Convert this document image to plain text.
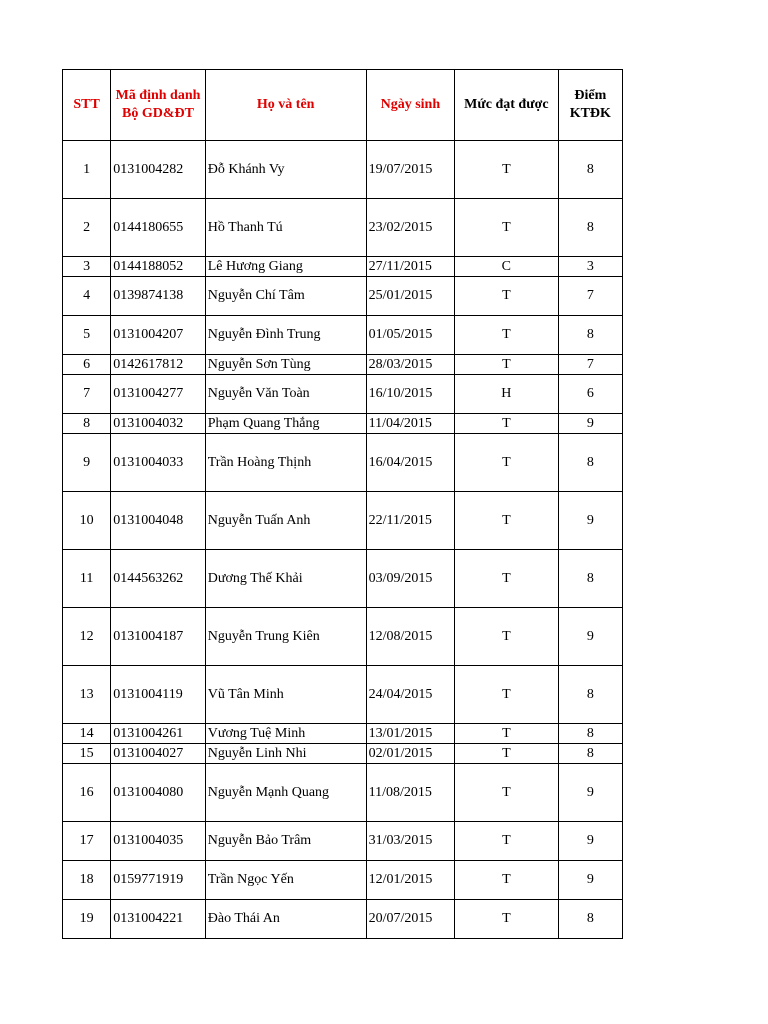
STT	Mã định danh Bộ GD&ĐT	Họ và tên	Ngày sinh	Mức đạt được	Điểm KTĐK
1	0131004282	Đỗ Khánh Vy	19/07/2015	T	8
2	0144180655	Hồ Thanh Tú	23/02/2015	T	8
3	0144188052	Lê Hương Giang	27/11/2015	C	3
4	0139874138	Nguyễn Chí Tâm	25/01/2015	T	7
5	0131004207	Nguyễn Đình Trung	01/05/2015	T	8
6	0142617812	Nguyễn Sơn Tùng	28/03/2015	T	7
7	0131004277	Nguyễn Văn Toàn	16/10/2015	H	6
8	0131004032	Phạm Quang Thắng	11/04/2015	T	9
9	0131004033	Trần Hoàng Thịnh	16/04/2015	T	8
10	0131004048	Nguyễn Tuấn Anh	22/11/2015	T	9
11	0144563262	Dương Thế Khải	03/09/2015	T	8
12	0131004187	Nguyễn Trung Kiên	12/08/2015	T	9
13	0131004119	Vũ Tân Minh	24/04/2015	T	8
14	0131004261	Vương Tuệ Minh	13/01/2015	T	8
15	0131004027	Nguyễn Linh Nhi	02/01/2015	T	8
16	0131004080	Nguyễn Mạnh Quang	11/08/2015	T	9
17	0131004035	Nguyễn Bảo Trâm	31/03/2015	T	9
18	0159771919	Trần Ngọc Yến	12/01/2015	T	9
19	0131004221	Đào Thái An	20/07/2015	T	8
